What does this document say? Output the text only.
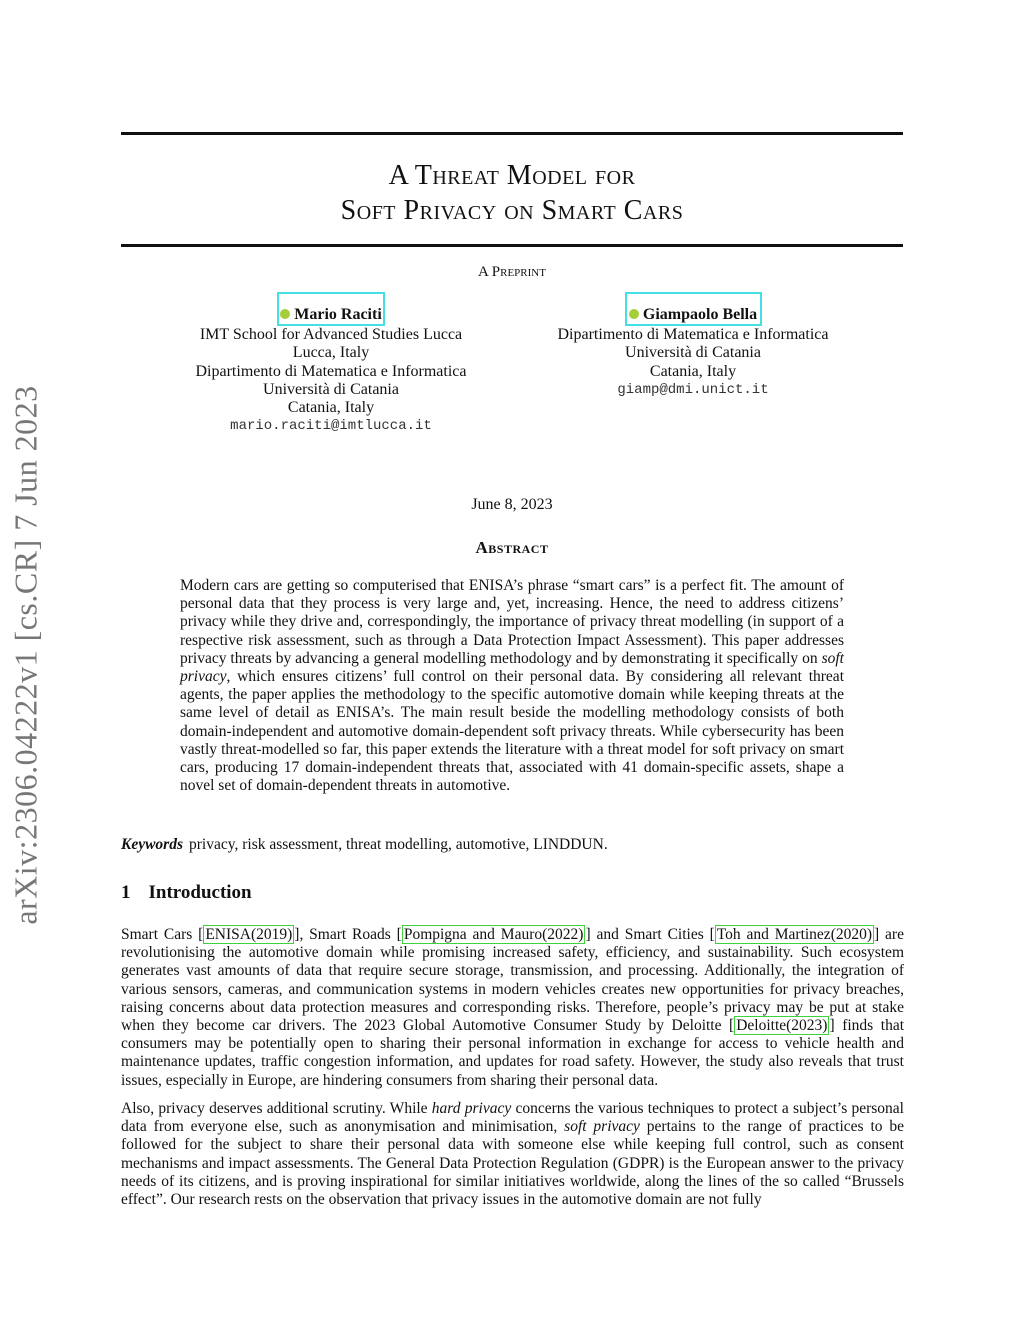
arXiv:2306.04222v1 [cs.CR] 7 Jun 2023
A Threat Model for
Soft Privacy on Smart Cars
A Preprint
Mario Raciti
IMT School for Advanced Studies Lucca
Lucca, Italy
Dipartimento di Matematica e Informatica
Università di Catania
Catania, Italy
mario.raciti@imtlucca.it
Giampaolo Bella
Dipartimento di Matematica e Informatica
Università di Catania
Catania, Italy
giamp@dmi.unict.it
June 8, 2023
Abstract
Modern cars are getting so computerised that ENISA’s phrase “smart cars” is a perfect fit. The amount of personal data that they process is very large and, yet, increasing. Hence, the need to address citizens’ privacy while they drive and, correspondingly, the importance of privacy threat modelling (in support of a respective risk assessment, such as through a Data Protection Impact Assessment). This paper addresses privacy threats by advancing a general modelling methodology and by demonstrating it specifically on soft privacy, which ensures citizens’ full control on their personal data. By considering all relevant threat agents, the paper applies the methodology to the specific automotive domain while keeping threats at the same level of detail as ENISA’s. The main result beside the modelling methodology consists of both domain-independent and automotive domain-dependent soft privacy threats. While cybersecurity has been vastly threat-modelled so far, this paper extends the literature with a threat model for soft privacy on smart cars, producing 17 domain-independent threats that, associated with 41 domain-specific assets, shape a novel set of domain-dependent threats in automotive.
Keywords privacy, risk assessment, threat modelling, automotive, LINDDUN.
1 Introduction
Smart Cars [ ENISA(2019) ], Smart Roads [ Pompigna and Mauro(2022) ] and Smart Cities [ Toh and Martinez(2020) ] are revolutionising the automotive domain while promising increased safety, efficiency, and sustainability. Such ecosystem generates vast amounts of data that require secure storage, transmission, and processing. Additionally, the integration of various sensors, cameras, and communication systems in modern vehicles creates new opportunities for privacy breaches, raising concerns about data protection measures and corresponding risks. Therefore, people’s privacy may be put at stake when they become car drivers. The 2023 Global Automotive Consumer Study by Deloitte [ Deloitte(2023) ] finds that consumers may be potentially open to sharing their personal information in exchange for access to vehicle health and maintenance updates, traffic congestion information, and updates for road safety. However, the study also reveals that trust issues, especially in Europe, are hindering consumers from sharing their personal data.
Also, privacy deserves additional scrutiny. While hard privacy concerns the various techniques to protect a subject’s personal data from everyone else, such as anonymisation and minimisation, soft privacy pertains to the range of practices to be followed for the subject to share their personal data with someone else while keeping full control, such as consent mechanisms and impact assessments. The General Data Protection Regulation (GDPR) is the European answer to the privacy needs of its citizens, and is proving inspirational for similar initiatives worldwide, along the lines of the so called “Brussels effect”. Our research rests on the observation that privacy issues in the automotive domain are not fully
